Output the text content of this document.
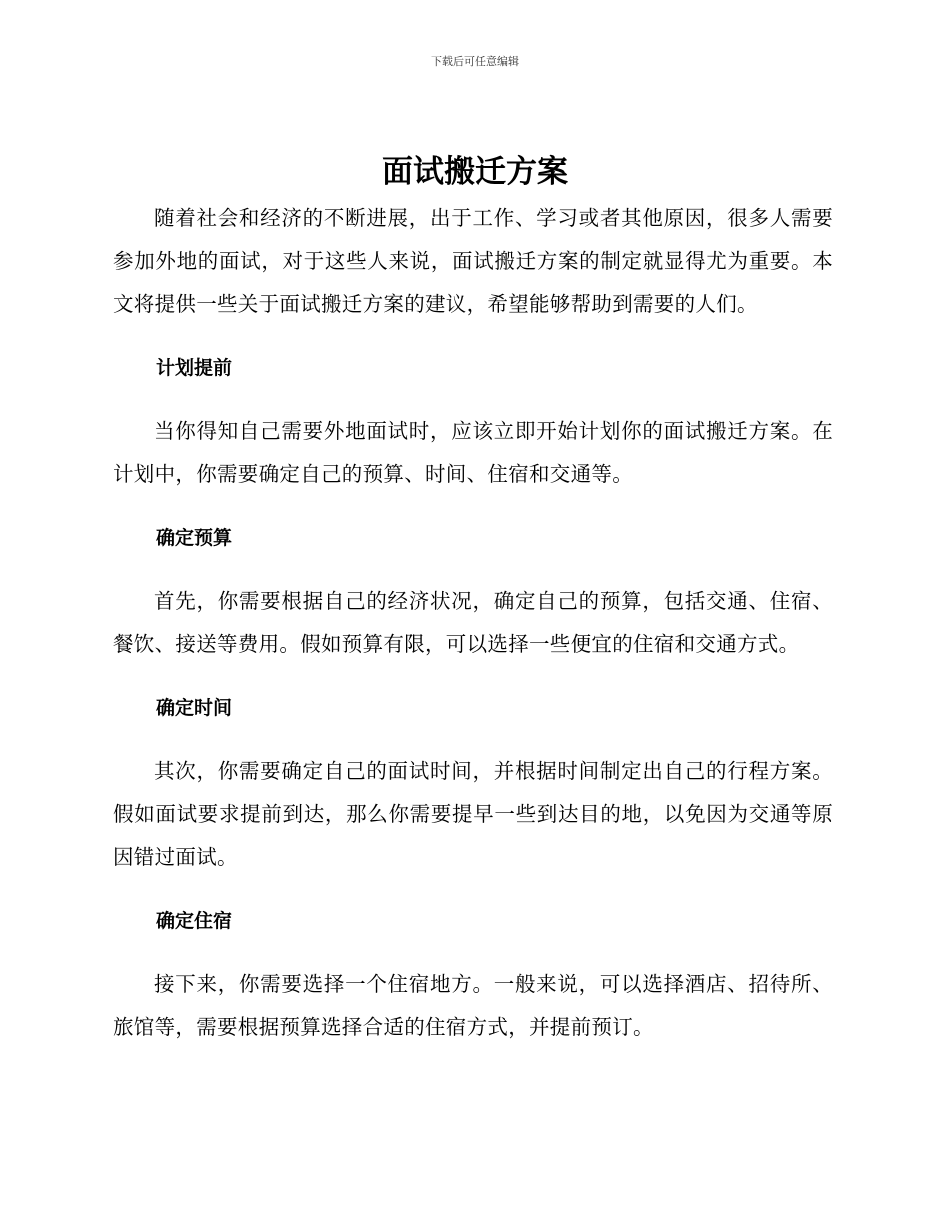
下载后可任意编辑
面试搬迁方案

随着社会和经济的不断进展，出于工作、学习或者其他原因，很多人需要参加外地的面试，对于这些人来说，面试搬迁方案的制定就显得尤为重要。本文将提供一些关于面试搬迁方案的建议，希望能够帮助到需要的人们。

计划提前

当你得知自己需要外地面试时，应该立即开始计划你的面试搬迁方案。在计划中，你需要确定自己的预算、时间、住宿和交通等。

确定预算

首先，你需要根据自己的经济状况，确定自己的预算，包括交通、住宿、餐饮、接送等费用。假如预算有限，可以选择一些便宜的住宿和交通方式。

确定时间

其次，你需要确定自己的面试时间，并根据时间制定出自己的行程方案。假如面试要求提前到达，那么你需要提早一些到达目的地，以免因为交通等原因错过面试。

确定住宿

接下来，你需要选择一个住宿地方。一般来说，可以选择酒店、招待所、旅馆等，需要根据预算选择合适的住宿方式，并提前预订。
